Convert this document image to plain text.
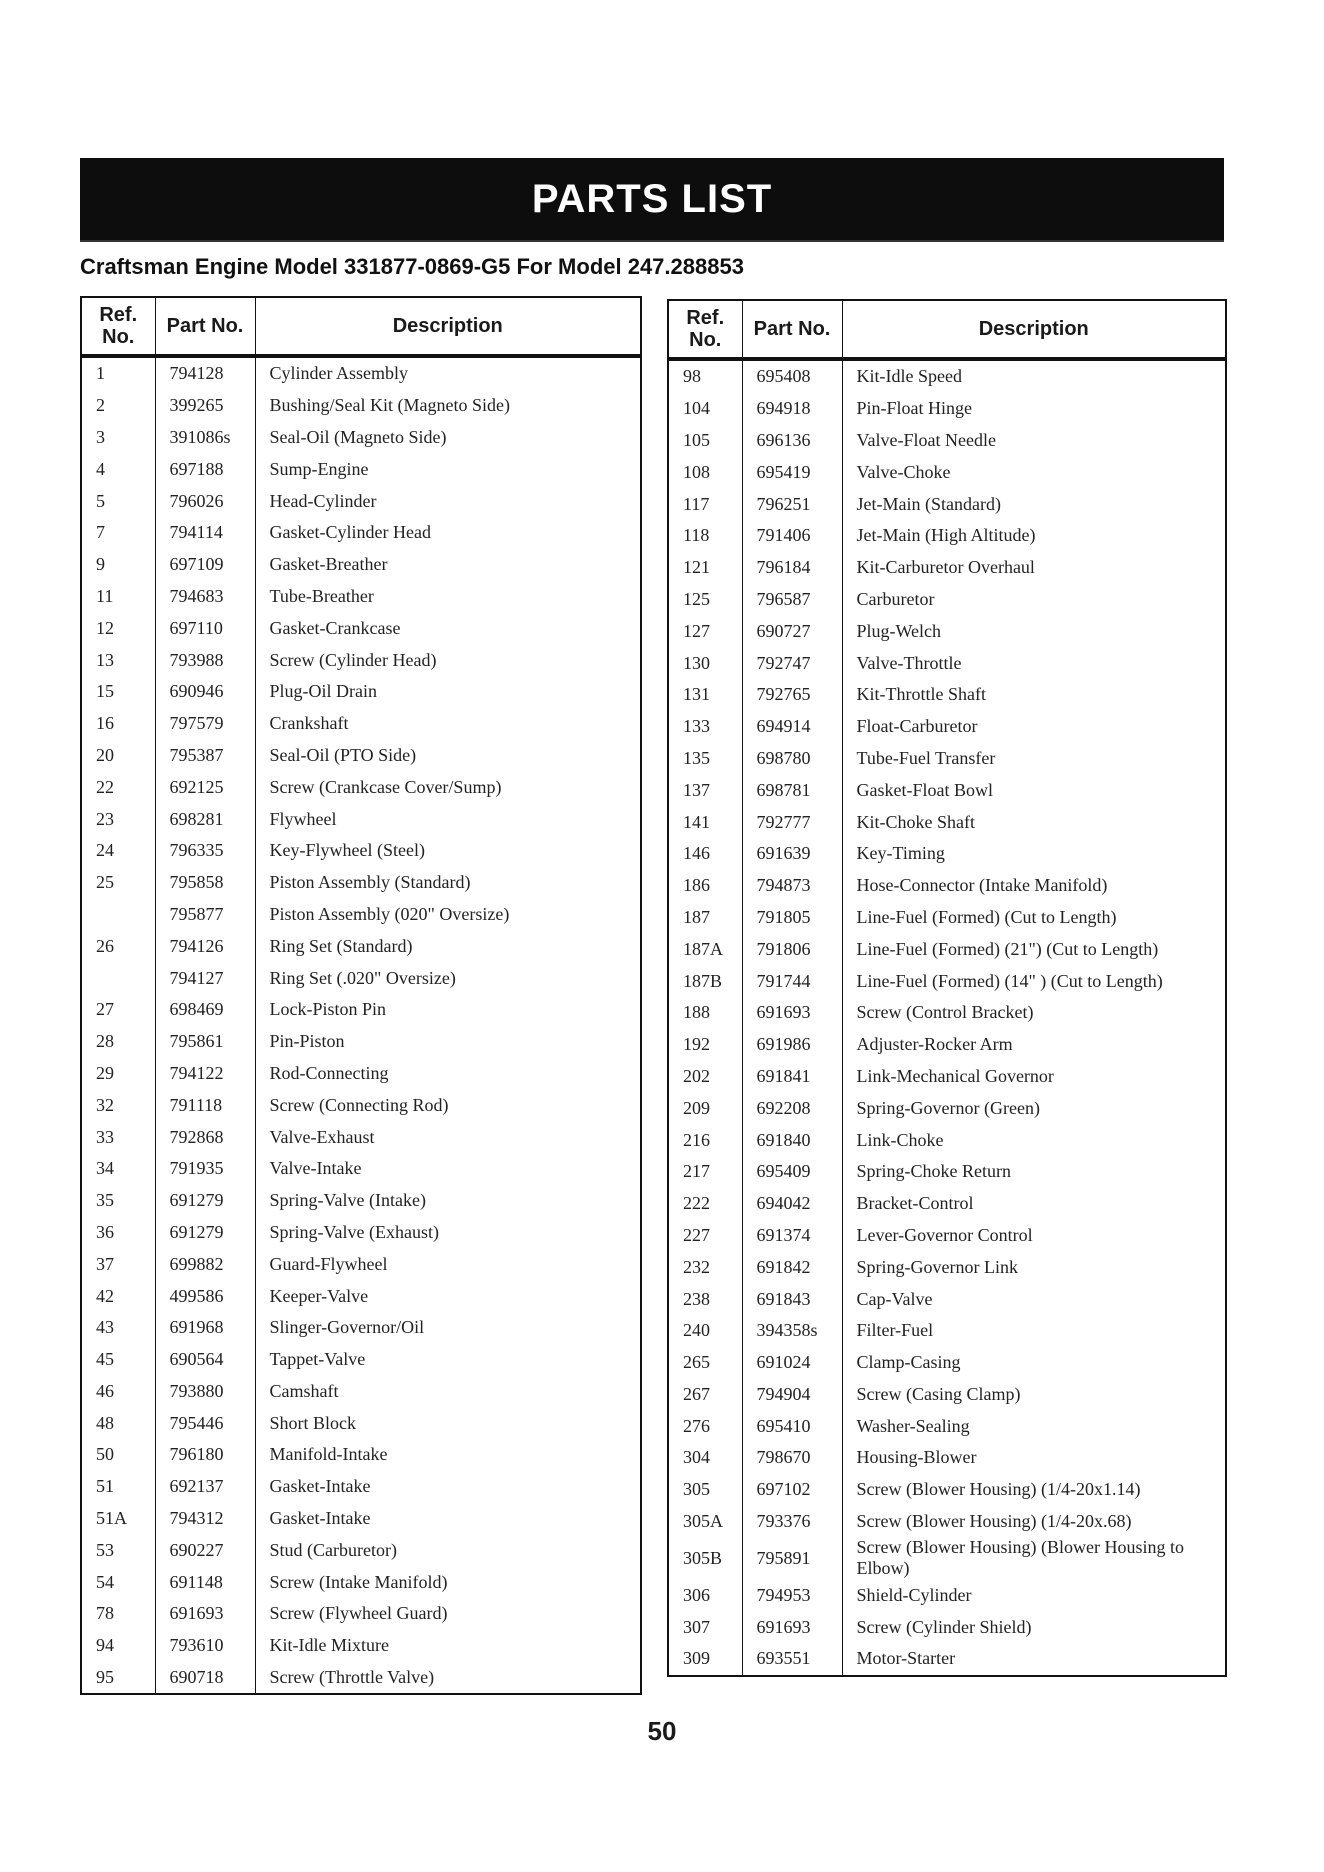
PARTS LIST
Craftsman Engine Model 331877-0869-G5 For Model 247.288853
Ref. No.	Part No.	Description
1	794128	Cylinder Assembly
2	399265	Bushing/Seal Kit (Magneto Side)
3	391086s	Seal-Oil (Magneto Side)
4	697188	Sump-Engine
5	796026	Head-Cylinder
7	794114	Gasket-Cylinder Head
9	697109	Gasket-Breather
11	794683	Tube-Breather
12	697110	Gasket-Crankcase
13	793988	Screw (Cylinder Head)
15	690946	Plug-Oil Drain
16	797579	Crankshaft
20	795387	Seal-Oil (PTO Side)
22	692125	Screw (Crankcase Cover/Sump)
23	698281	Flywheel
24	796335	Key-Flywheel (Steel)
25	795858	Piston Assembly (Standard)
	795877	Piston Assembly (020" Oversize)
26	794126	Ring Set (Standard)
	794127	Ring Set (.020" Oversize)
27	698469	Lock-Piston Pin
28	795861	Pin-Piston
29	794122	Rod-Connecting
32	791118	Screw (Connecting Rod)
33	792868	Valve-Exhaust
34	791935	Valve-Intake
35	691279	Spring-Valve (Intake)
36	691279	Spring-Valve (Exhaust)
37	699882	Guard-Flywheel
42	499586	Keeper-Valve
43	691968	Slinger-Governor/Oil
45	690564	Tappet-Valve
46	793880	Camshaft
48	795446	Short Block
50	796180	Manifold-Intake
51	692137	Gasket-Intake
51A	794312	Gasket-Intake
53	690227	Stud (Carburetor)
54	691148	Screw (Intake Manifold)
78	691693	Screw (Flywheel Guard)
94	793610	Kit-Idle Mixture
95	690718	Screw (Throttle Valve)
Ref. No.	Part No.	Description
98	695408	Kit-Idle Speed
104	694918	Pin-Float Hinge
105	696136	Valve-Float Needle
108	695419	Valve-Choke
117	796251	Jet-Main (Standard)
118	791406	Jet-Main (High Altitude)
121	796184	Kit-Carburetor Overhaul
125	796587	Carburetor
127	690727	Plug-Welch
130	792747	Valve-Throttle
131	792765	Kit-Throttle Shaft
133	694914	Float-Carburetor
135	698780	Tube-Fuel Transfer
137	698781	Gasket-Float Bowl
141	792777	Kit-Choke Shaft
146	691639	Key-Timing
186	794873	Hose-Connector (Intake Manifold)
187	791805	Line-Fuel (Formed) (Cut to Length)
187A	791806	Line-Fuel (Formed) (21") (Cut to Length)
187B	791744	Line-Fuel (Formed) (14" ) (Cut to Length)
188	691693	Screw (Control Bracket)
192	691986	Adjuster-Rocker Arm
202	691841	Link-Mechanical Governor
209	692208	Spring-Governor (Green)
216	691840	Link-Choke
217	695409	Spring-Choke Return
222	694042	Bracket-Control
227	691374	Lever-Governor Control
232	691842	Spring-Governor Link
238	691843	Cap-Valve
240	394358s	Filter-Fuel
265	691024	Clamp-Casing
267	794904	Screw (Casing Clamp)
276	695410	Washer-Sealing
304	798670	Housing-Blower
305	697102	Screw (Blower Housing) (1/4-20x1.14)
305A	793376	Screw (Blower Housing) (1/4-20x.68)
305B	795891	Screw (Blower Housing) (Blower Housing to Elbow)
306	794953	Shield-Cylinder
307	691693	Screw (Cylinder Shield)
309	693551	Motor-Starter
50
